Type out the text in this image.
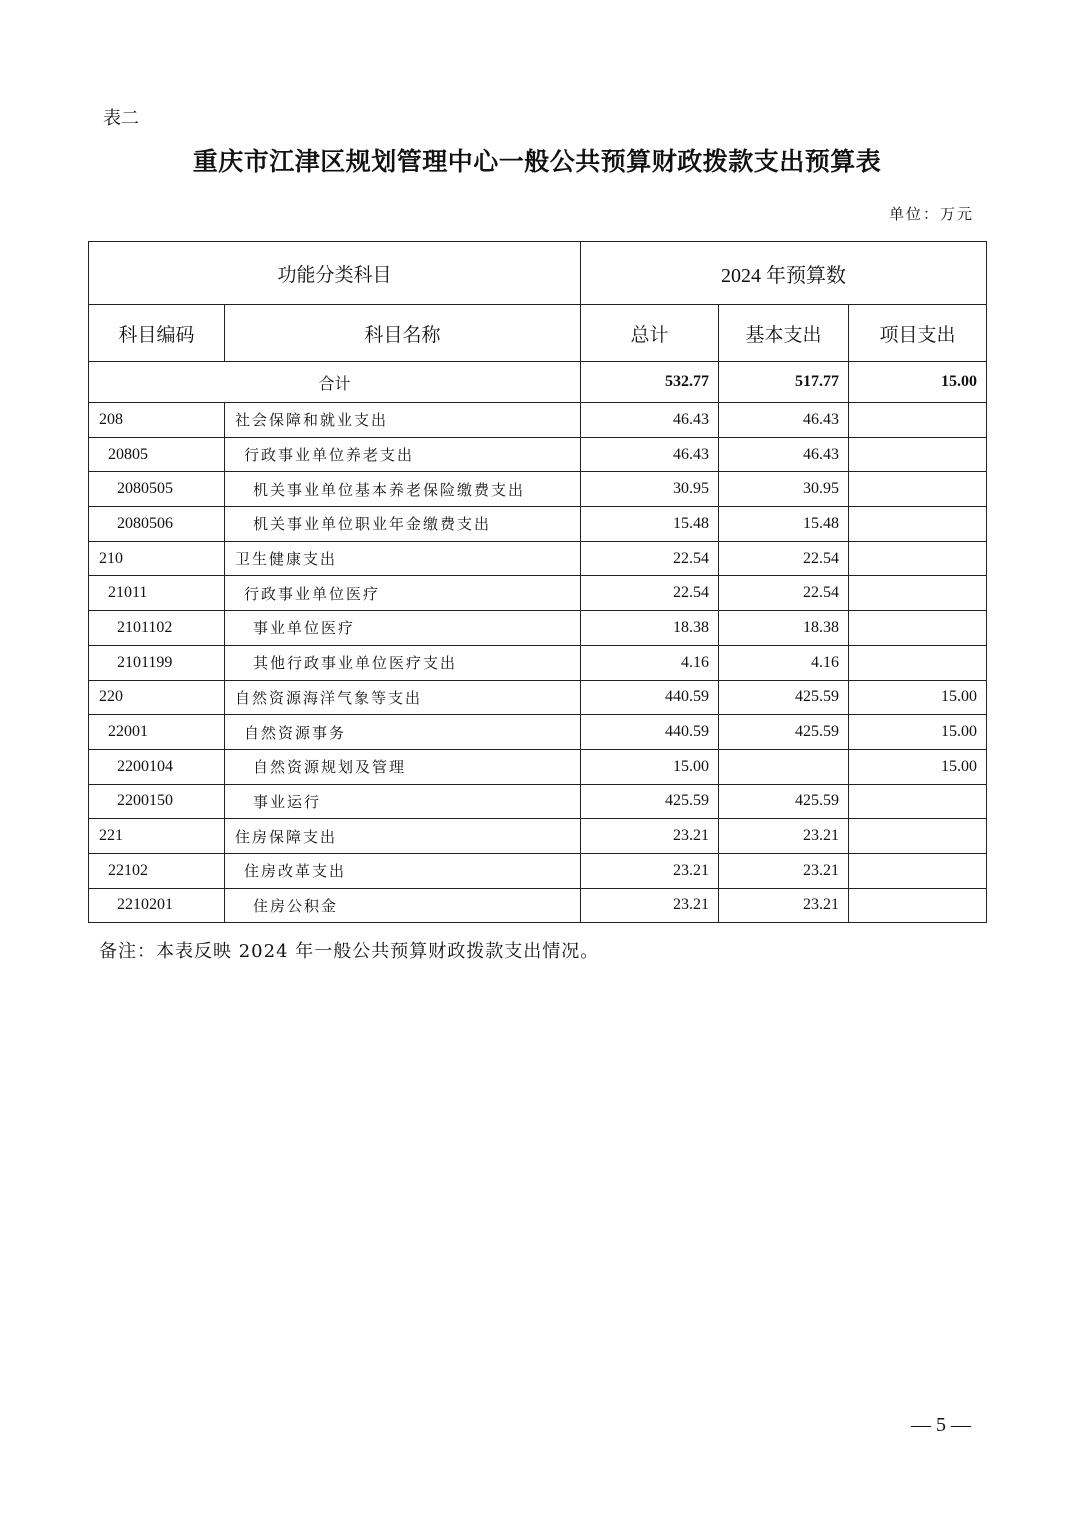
表二
重庆市江津区规划管理中心一般公共预算财政拨款支出预算表
单位：万元
功能分类科目		2024 年预算数		
科目编码	科目名称	总计	基本支出	项目支出
合计		532.77	517.77	15.00
208	社会保障和就业支出	46.43	46.43	
20805	行政事业单位养老支出	46.43	46.43	
2080505	机关事业单位基本养老保险缴费支出	30.95	30.95	
2080506	机关事业单位职业年金缴费支出	15.48	15.48	
210	卫生健康支出	22.54	22.54	
21011	行政事业单位医疗	22.54	22.54	
2101102	事业单位医疗	18.38	18.38	
2101199	其他行政事业单位医疗支出	4.16	4.16	
220	自然资源海洋气象等支出	440.59	425.59	15.00
22001	自然资源事务	440.59	425.59	15.00
2200104	自然资源规划及管理	15.00		15.00
2200150	事业运行	425.59	425.59	
221	住房保障支出	23.21	23.21	
22102	住房改革支出	23.21	23.21	
2210201	住房公积金	23.21	23.21	
备注：本表反映 2024 年一般公共预算财政拨款支出情况。
— 5 —
